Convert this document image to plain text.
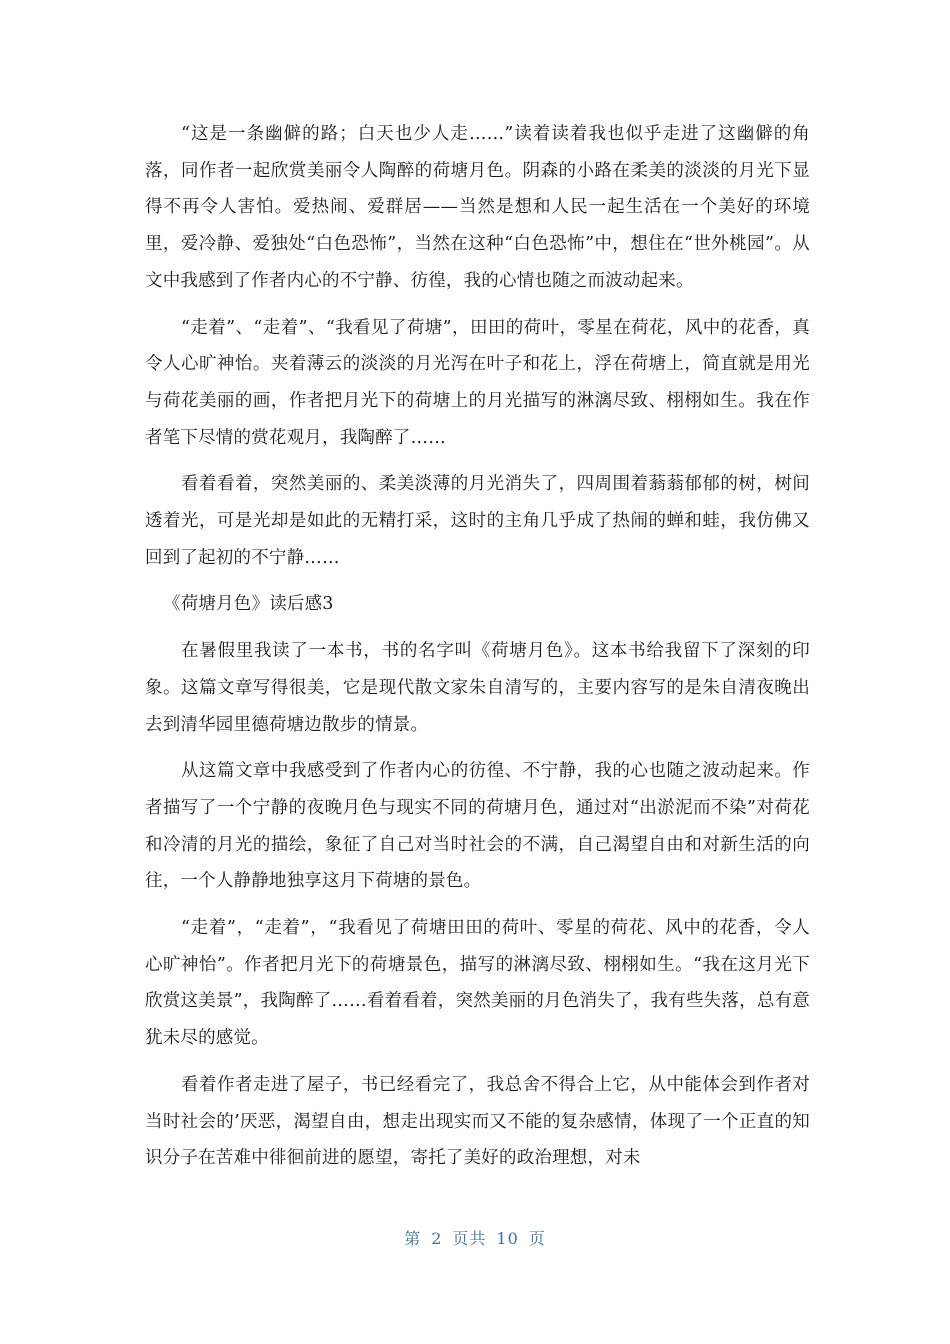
“这是一条幽僻的路；白天也少人走……”读着读着我也似乎走进了这幽僻的角落，同作者一起欣赏美丽令人陶醉的荷塘月色。阴森的小路在柔美的淡淡的月光下显得不再令人害怕。爱热闹、爱群居——当然是想和人民一起生活在一个美好的环境里，爱冷静、爱独处“白色恐怖”，当然在这种“白色恐怖”中，想住在“世外桃园”。从文中我感到了作者内心的不宁静、彷徨，我的心情也随之而波动起来。

“走着”、“走着”、“我看见了荷塘”，田田的荷叶，零星在荷花，风中的花香，真令人心旷神怡。夹着薄云的淡淡的月光泻在叶子和花上，浮在荷塘上，简直就是用光与荷花美丽的画，作者把月光下的荷塘上的月光描写的淋漓尽致、栩栩如生。我在作者笔下尽情的赏花观月，我陶醉了……

看着看着，突然美丽的、柔美淡薄的月光消失了，四周围着蓊蓊郁郁的树，树间透着光，可是光却是如此的无精打采，这时的主角几乎成了热闹的蝉和蛙，我仿佛又回到了起初的不宁静……

《荷塘月色》读后感3

在暑假里我读了一本书，书的名字叫《荷塘月色》。这本书给我留下了深刻的印象。这篇文章写得很美，它是现代散文家朱自清写的，主要内容写的是朱自清夜晚出去到清华园里德荷塘边散步的情景。

从这篇文章中我感受到了作者内心的彷徨、不宁静，我的心也随之波动起来。作者描写了一个宁静的夜晚月色与现实不同的荷塘月色，通过对“出淤泥而不染”对荷花和冷清的月光的描绘，象征了自己对当时社会的不满，自己渴望自由和对新生活的向往，一个人静静地独享这月下荷塘的景色。

“走着”，“走着”，“我看见了荷塘田田的荷叶、零星的荷花、风中的花香，令人心旷神怡”。作者把月光下的荷塘景色，描写的淋漓尽致、栩栩如生。“我在这月光下欣赏这美景”，我陶醉了……看着看着，突然美丽的月色消失了，我有些失落，总有意犹未尽的感觉。

看着作者走进了屋子，书已经看完了，我总舍不得合上它，从中能体会到作者对当时社会的’厌恶，渴望自由，想走出现实而又不能的复杂感情，体现了一个正直的知识分子在苦难中徘徊前进的愿望，寄托了美好的政治理想，对未

第 2 页共 10 页
